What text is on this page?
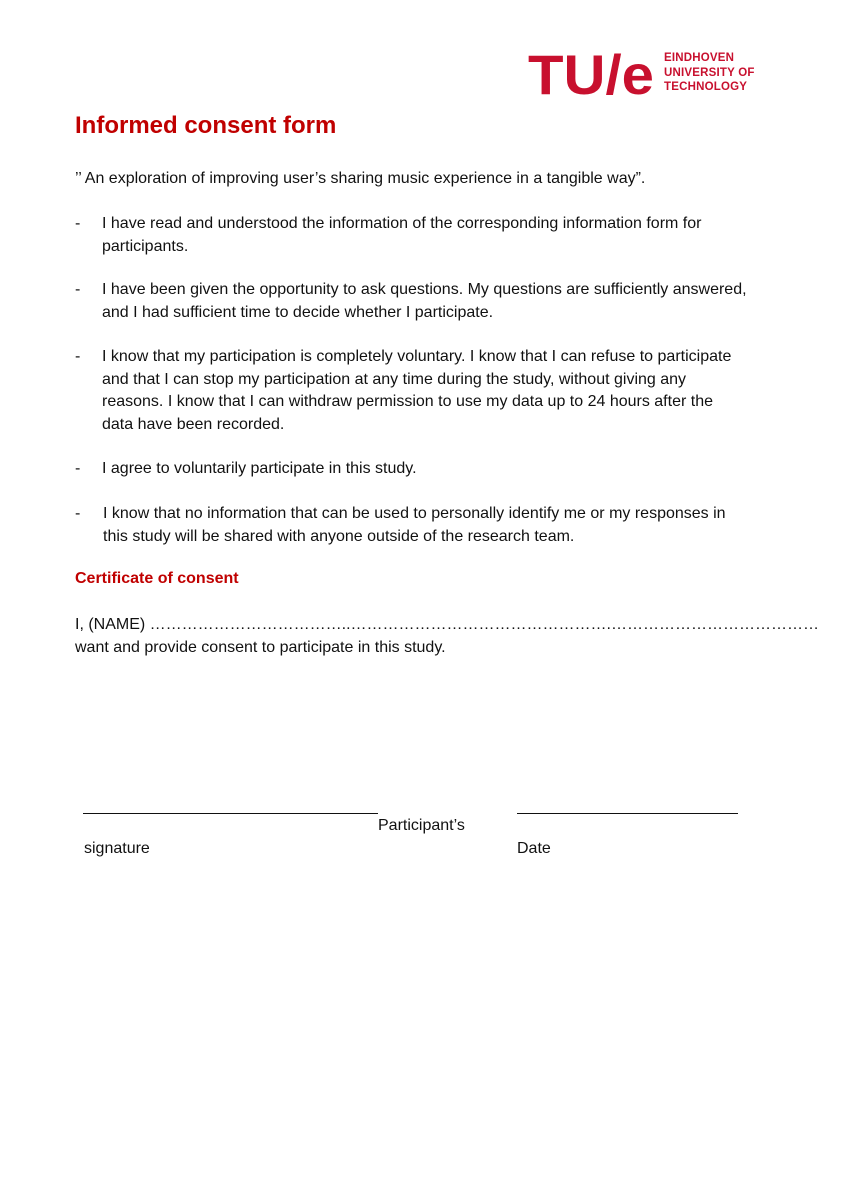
TU/e EINDHOVEN
UNIVERSITY OF
TECHNOLOGY
Informed consent form
’’ An exploration of improving user’s sharing music experience in a tangible way”.
- I have read and understood the information of the corresponding information form for
participants.
- I have been given the opportunity to ask questions. My questions are sufficiently answered,
and I had sufficient time to decide whether I participate.
- I know that my participation is completely voluntary. I know that I can refuse to participate
and that I can stop my participation at any time during the study, without giving any
reasons. I know that I can withdraw permission to use my data up to 24 hours after the
data have been recorded.
- I agree to voluntarily participate in this study.
- I know that no information that can be used to personally identify me or my responses in
this study will be shared with anyone outside of the research team.
Certificate of consent
I, (NAME) ………………………………..………………………………………….…………………………………
want and provide consent to participate in this study.
Participant’s
signature	Date
